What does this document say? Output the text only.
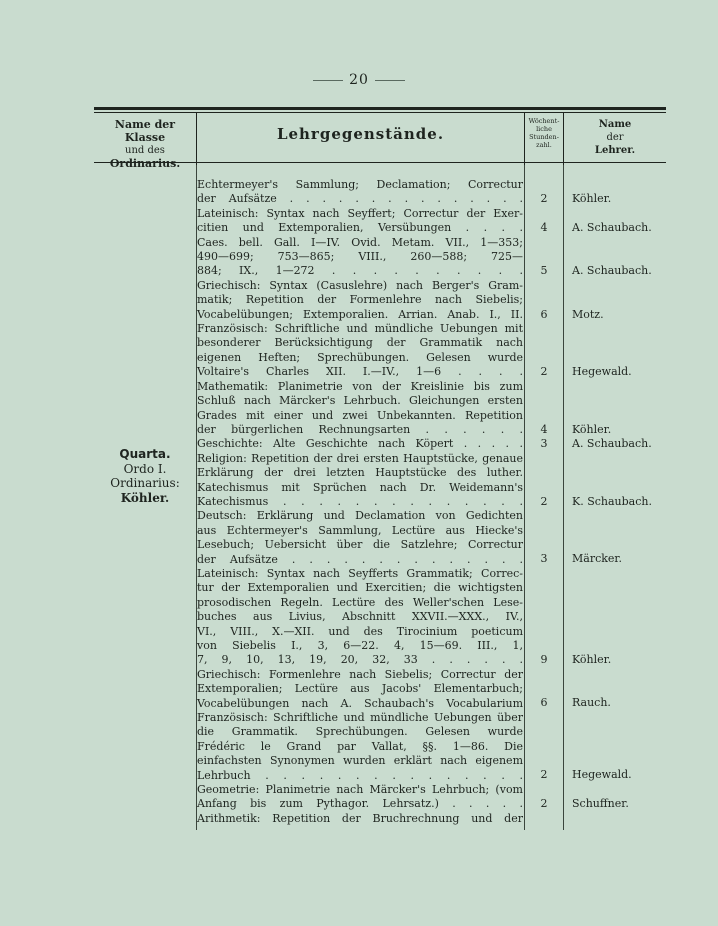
20
Name der Klasse
und des
Ordinarius.
Lehrgegenstände.
Wöchent-
liche
Stunden-
zahl.
Name
der
Lehrer.
Quarta.
Ordo I.
Ordinarius:
Köhler.
Echtermeyer's Sammlung; Declamation; Correctur
der Aufsätze . . . . . . . . . . . . . . .
Lateinisch: Syntax nach Seyffert; Correctur der Exer-
citien und Extemporalien, Versübungen . . . .
Caes. bell. Gall. I—IV. Ovid. Metam. VII., 1—353;
490—699; 753—865; VIII., 260—588; 725—
884; IX., 1—272 . . . . . . . . . .
Griechisch: Syntax (Casuslehre) nach Berger's Gram-
matik; Repetition der Formenlehre nach Siebelis;
Vocabelübungen; Extemporalien. Arrian. Anab. I., II.
Französisch: Schriftliche und mündliche Uebungen mit
besonderer Berücksichtigung der Grammatik nach
eigenen Heften; Sprechübungen. Gelesen wurde
Voltaire's Charles XII. I.—IV., 1—6 . . . .
Mathematik: Planimetrie von der Kreislinie bis zum
Schluß nach Märcker's Lehrbuch. Gleichungen ersten
Grades mit einer und zwei Unbekannten. Repetition
der bürgerlichen Rechnungsarten . . . . . .
Geschichte: Alte Geschichte nach Köpert . . . . .
Religion: Repetition der drei ersten Hauptstücke, genaue
Erklärung der drei letzten Hauptstücke des luther.
Katechismus mit Sprüchen nach Dr. Weidemann's
Katechismus . . . . . . . . . . . . . .
Deutsch: Erklärung und Declamation von Gedichten
aus Echtermeyer's Sammlung, Lectüre aus Hiecke's
Lesebuch; Uebersicht über die Satzlehre; Correctur
der Aufsätze . . . . . . . . . . . . . .
Lateinisch: Syntax nach Seyfferts Grammatik; Correc-
tur der Extemporalien und Exercitien; die wichtigsten
prosodischen Regeln. Lectüre des Weller'schen Lese-
buches aus Livius, Abschnitt XXVII.—XXX., IV.,
VI., VIII., X.—XII. und des Tirocinium poeticum
von Siebelis I., 3, 6—22. 4, 15—69. III., 1,
7, 9, 10, 13, 19, 20, 32, 33 . . . . . .
Griechisch: Formenlehre nach Siebelis; Correctur der
Extemporalien; Lectüre aus Jacobs' Elementarbuch;
Vocabelübungen nach A. Schaubach's Vocabularium
Französisch: Schriftliche und mündliche Uebungen über
die Grammatik. Sprechübungen. Gelesen wurde
Frédéric le Grand par Vallat, §§. 1—86. Die
einfachsten Synonymen wurden erklärt nach eigenem
Lehrbuch . . . . . . . . . . . . . . .
Geometrie: Planimetrie nach Märcker's Lehrbuch; (vom
Anfang bis zum Pythagor. Lehrsatz.) . . . . .
Arithmetik: Repetition der Bruchrechnung und der
2
4
5
6
2
4
3
2
3
9
6
2
2
Köhler.
A. Schaubach.
A. Schaubach.
Motz.
Hegewald.
Köhler.
A. Schaubach.
K. Schaubach.
Märcker.
Köhler.
Rauch.
Hegewald.
Schuffner.
